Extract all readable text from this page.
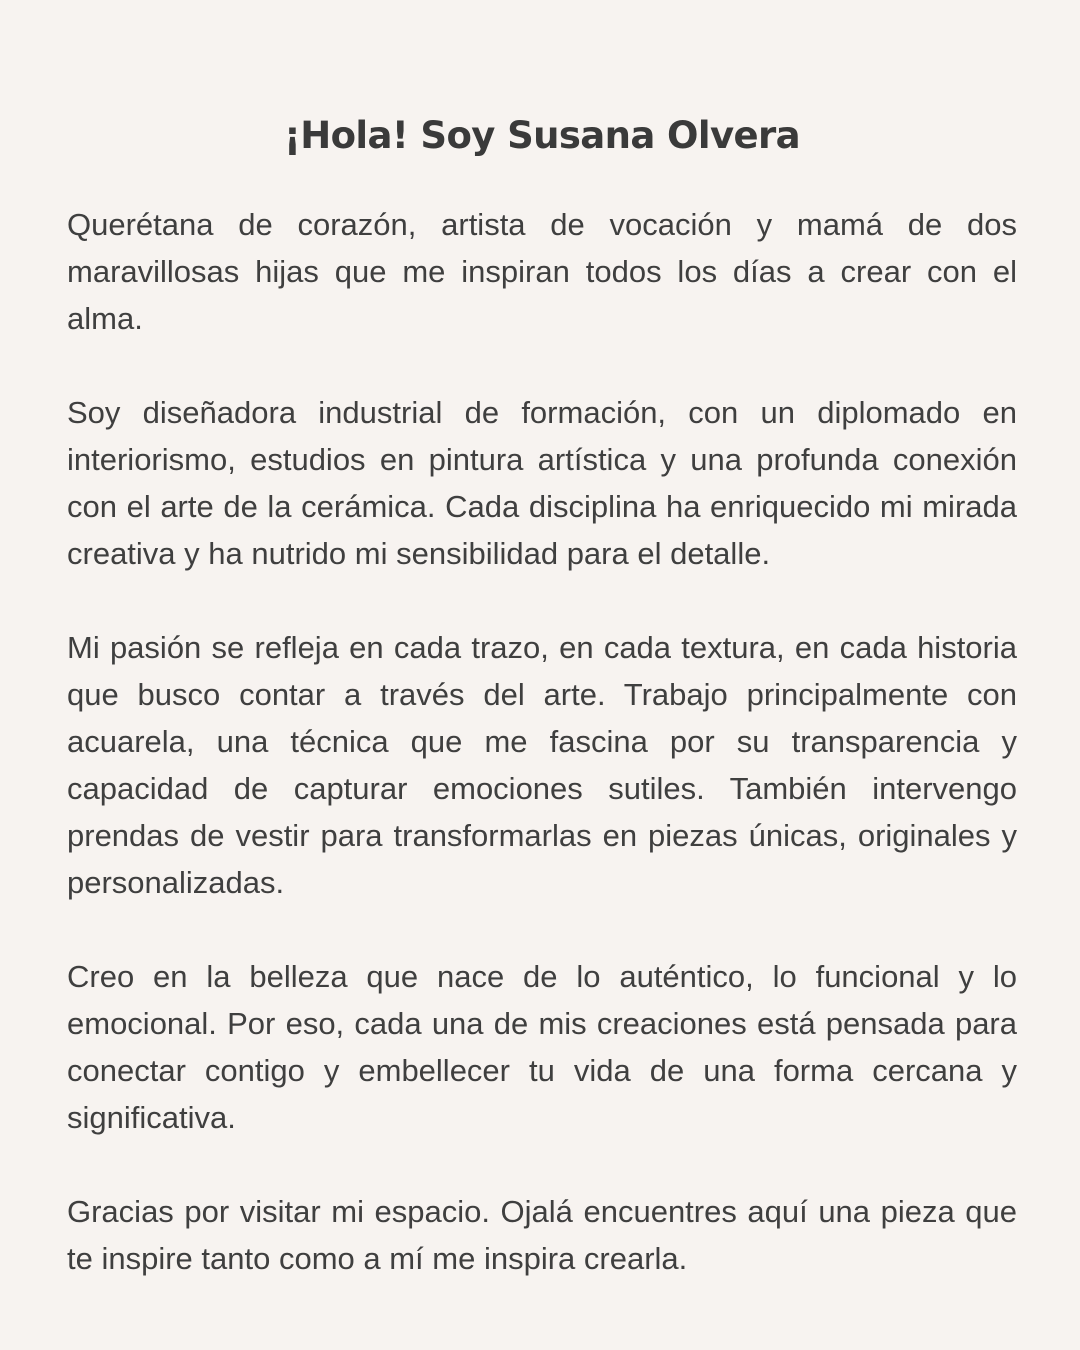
¡Hola! Soy Susana Olvera

Querétana de corazón, artista de vocación y mamá de dos maravillosas hijas que me inspiran todos los días a crear con el alma.

Soy diseñadora industrial de formación, con un diplomado en interiorismo, estudios en pintura artística y una profunda conexión con el arte de la cerámica. Cada disciplina ha enriquecido mi mirada creativa y ha nutrido mi sensibilidad para el detalle.

Mi pasión se refleja en cada trazo, en cada textura, en cada historia que busco contar a través del arte. Trabajo principalmente con acuarela, una técnica que me fascina por su transparencia y capacidad de capturar emociones sutiles. También intervengo prendas de vestir para transformarlas en piezas únicas, originales y personalizadas.

Creo en la belleza que nace de lo auténtico, lo funcional y lo emocional. Por eso, cada una de mis creaciones está pensada para conectar contigo y embellecer tu vida de una forma cercana y significativa.

Gracias por visitar mi espacio. Ojalá encuentres aquí una pieza que te inspire tanto como a mí me inspira crearla.
